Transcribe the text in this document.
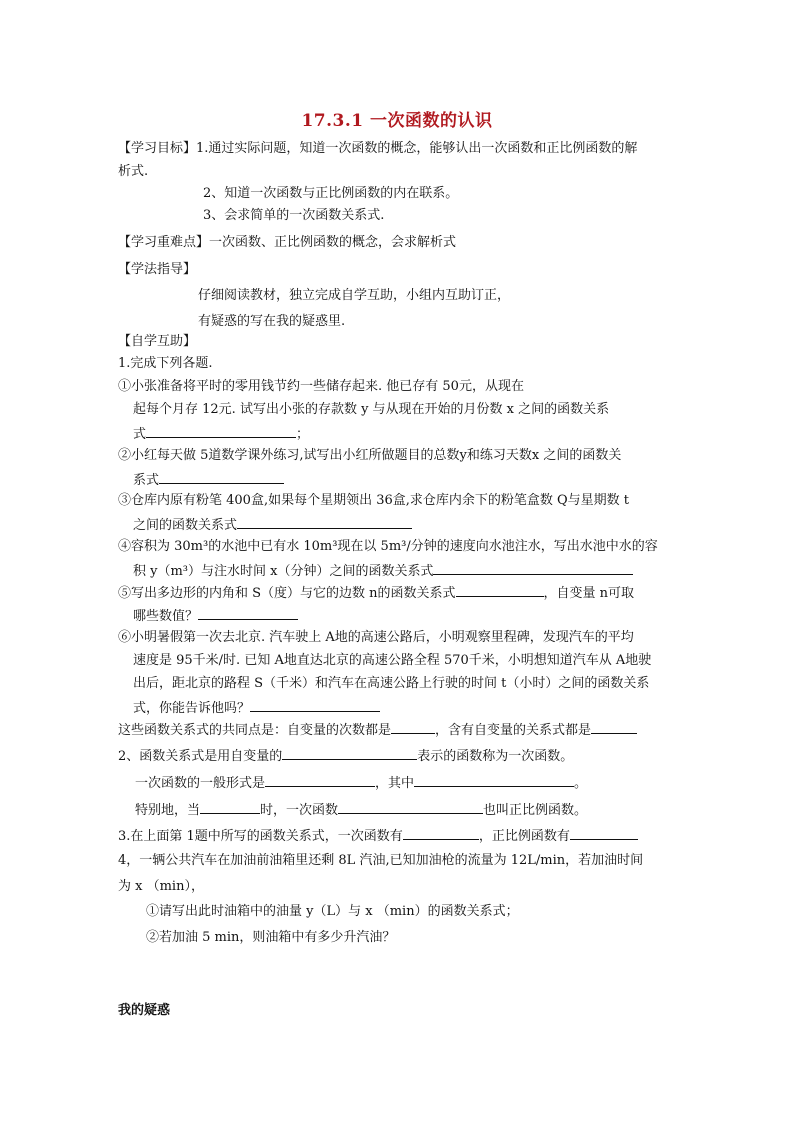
17.3.1 一次函数的认识
【学习目标】1.通过实际问题，知道一次函数的概念，能够认出一次函数和正比例函数的解
析式.
2、知道一次函数与正比例函数的内在联系。
3、会求简单的一次函数关系式.
【学习重难点】一次函数、正比例函数的概念，会求解析式
【学法指导】
仔细阅读教材，独立完成自学互助，小组内互助订正，
有疑惑的写在我的疑惑里.
【自学互助】
1.完成下列各题.
①小张准备将平时的零用钱节约一些储存起来. 他已存有 50元，从现在
起每个月存 12元. 试写出小张的存款数 y 与从现在开始的月份数 x 之间的函数关系
式	；
②小红每天做 5道数学课外练习,试写出小红所做题目的总数y和练习天数x 之间的函数关
系式
③仓库内原有粉笔 400盒,如果每个星期领出 36盒,求仓库内余下的粉笔盒数 Q与星期数 t
之间的函数关系式
④容积为 30m³的水池中已有水 10m³现在以 5m³/分钟的速度向水池注水，写出水池中水的容
积 y（m³）与注水时间 x（分钟）之间的函数关系式
⑤写出多边形的内角和 S（度）与它的边数 n的函数关系式	，自变量 n可取
哪些数值？
⑥小明暑假第一次去北京. 汽车驶上 A地的高速公路后，小明观察里程碑，发现汽车的平均
速度是 95千米/时. 已知 A地直达北京的高速公路全程 570千米，小明想知道汽车从 A地驶
出后，距北京的路程 S（千米）和汽车在高速公路上行驶的时间 t（小时）之间的函数关系
式，你能告诉他吗？
这些函数关系式的共同点是：自变量的次数都是	，含有自变量的关系式都是
2、函数关系式是用自变量的	表示的函数称为一次函数。
一次函数的一般形式是	，其中	。
特别地，当	时，一次函数	也叫正比例函数。
3.在上面第 1题中所写的函数关系式，一次函数有	，正比例函数有
4，一辆公共汽车在加油前油箱里还剩 8L 汽油,已知加油枪的流量为 12L/min，若加油时间
为 x （min），
①请写出此时油箱中的油量 y（L）与 x （min）的函数关系式；
②若加油 5 min，则油箱中有多少升汽油？
我的疑惑
